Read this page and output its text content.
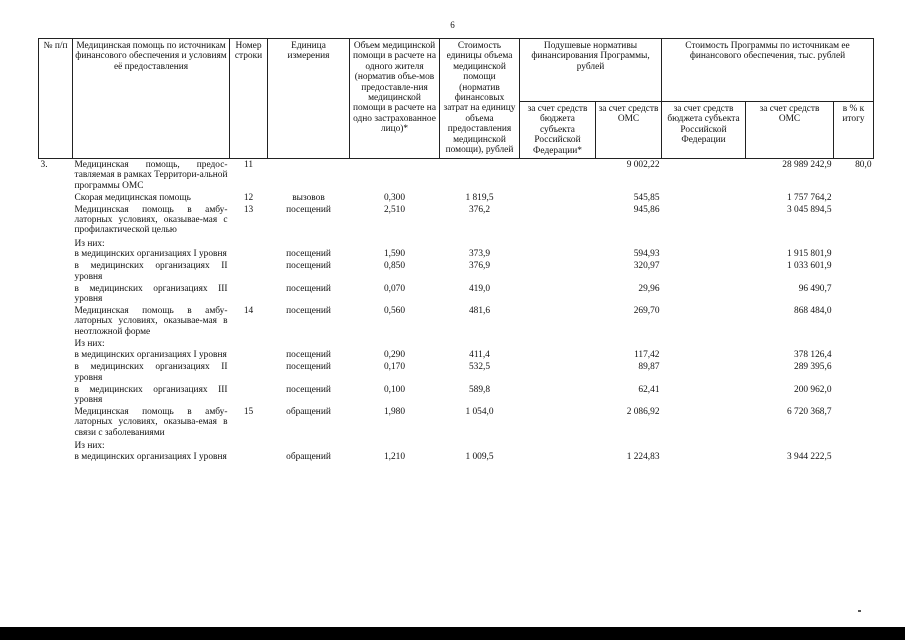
6
№ п/п	Медицинская помощь по источникам финансового обеспечения и условиям её предоставления	Номер строки	Единица измерения	Объем медицинской помощи в расчете на одного жителя (норматив объе-мов предоставле-ния медицинской помощи в расчете на одно застрахованное лицо)*	Стоимость единицы объема медицинской помощи (норматив финансовых затрат на единицу объема предоставления медицинской помощи), рублей	Подушевые нормативы финансирования Программы, рублей		Стоимость Программы по источникам ее финансового обеспечения, тыс. рублей		
						за счет средств бюджета субъекта Российской Федерации*	за счет средств ОМС	за счет средств бюджета субъекта Российской Федерации	за счет средств ОМС	в % к итогу
3.	Медицинская помощь, предос-тавляемая в рамках Территори-альной программы ОМС	11					9 002,22		28 989 242,9	80,0
	Скорая медицинская помощь	12	вызовов	0,300	1 819,5		545,85		1 757 764,2	
	Медицинская помощь в амбу-латорных условиях, оказывае-мая с профилактической целью	13	посещений	2,510	376,2		945,86		3 045 894,5	
	Из них:									
	в медицинских организациях I уровня		посещений	1,590	373,9		594,93		1 915 801,9	
	в медицинских организациях II уровня		посещений	0,850	376,9		320,97		1 033 601,9	
	в медицинских организациях III уровня		посещений	0,070	419,0		29,96		96 490,7	
	Медицинская помощь в амбу-латорных условиях, оказывае-мая в неотложной форме	14	посещений	0,560	481,6		269,70		868 484,0	
	Из них:									
	в медицинских организациях I уровня		посещений	0,290	411,4		117,42		378 126,4	
	в медицинских организациях II уровня		посещений	0,170	532,5		89,87		289 395,6	
	в медицинских организациях III уровня		посещений	0,100	589,8		62,41		200 962,0	
	Медицинская помощь в амбу-латорных условиях, оказыва-емая в связи с заболеваниями	15	обращений	1,980	1 054,0		2 086,92		6 720 368,7	
	Из них:									
	в медицинских организациях I уровня		обращений	1,210	1 009,5		1 224,83		3 944 222,5	
